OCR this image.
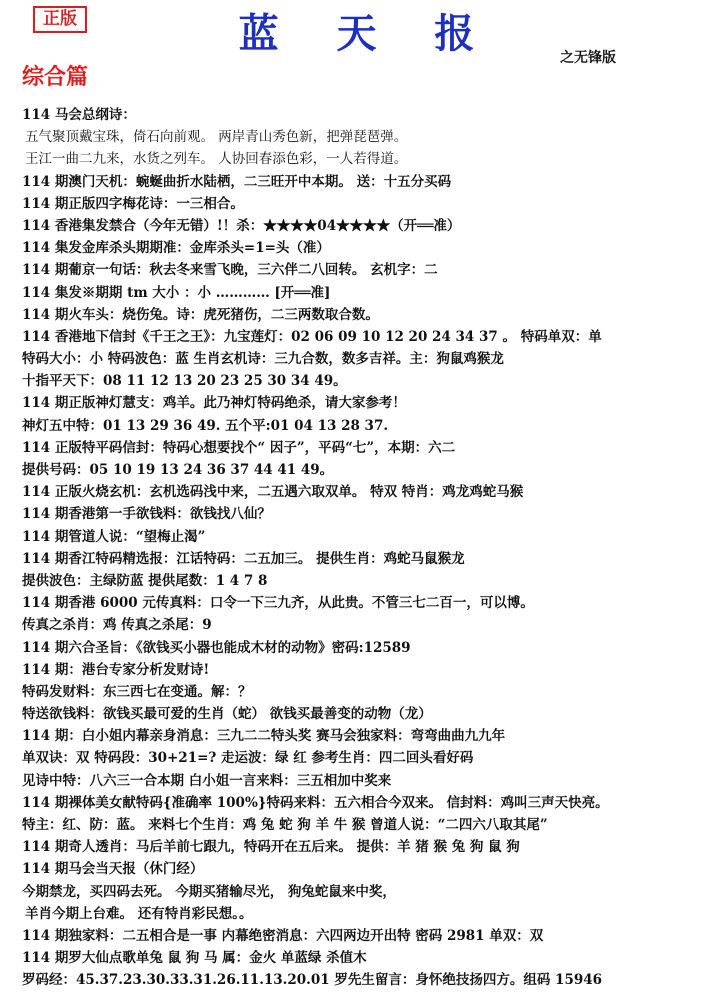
正版	蓝 天 报
之无锋版
综合篇
114 马会总纲诗：
五气聚顶戴宝珠，倚石向前观。 两岸青山秀色新，把弹琵琶弹。
王江一曲二九来，水货之列车。 人协回春添色彩，一人若得道。
114 期澳门天机：蜿蜒曲折水陆栖，二三旺开中本期。 送：十五分买码
114 期正版四字梅花诗：一三相合。
114 香港集发禁合（今年无错）!！杀：★★★★04★★★★（开══准）
114 集发金库杀头期期准：金库杀头=1=头（准）
114 期葡京一句话：秋去冬来雪飞晚，三六伴二八回转。 玄机字：二
114 集发※期期 tm 大小 ：小 ………… [开══准]
114 期火车头：烧伤兔。诗：虎死猪伤，二三两数取合数。
114 香港地下信封《千王之王》：九宝莲灯：02 06 09 10 12 20 24 34 37 。 特码单双：单
特码大小：小 特码波色：蓝 生肖玄机诗：三九合数，数多吉祥。主：狗鼠鸡猴龙
十指平天下：08 11 12 13 20 23 25 30 34 49。
114 期正版神灯慧支：鸡羊。此乃神灯特码绝杀，请大家参考！
神灯五中特：01 13 29 36 49. 五个平:01 04 13 28 37.
114 正版特平码信封：特码心想要找个“ 因子”，平码“七”，本期：六二
提供号码：05 10 19 13 24 36 37 44 41 49。
114 正版火烧玄机：玄机选码浅中来，二五遇六取双单。 特双 特肖：鸡龙鸡蛇马猴
114 期香港第一手欲钱料：欲钱找八仙？
114 期管道人说：“望梅止渴”
114 期香江特码精选报：江话特码：二五加三。 提供生肖：鸡蛇马鼠猴龙
提供波色：主绿防蓝 提供尾数：1 4 7 8
114 期香港 6000 元传真料：口令一下三九齐，从此贵。不管三七二百一，可以博。
传真之杀肖：鸡 传真之杀尾：9
114 期六合圣旨：《欲钱买小器也能成木材的动物》密码:12589
114 期：港台专家分析发财诗!
特码发财料：东三西七在变通。解：？
特送欲钱料：欲钱买最可爱的生肖（蛇） 欲钱买最善变的动物（龙）
114 期：白小姐内幕亲身消息：三九二二特头奖 赛马会独家料：弯弯曲曲九九年
单双诀：双 特码段：30+21=? 走运波：绿 红 参考生肖：四二回头看好码
见诗中特：八六三一合本期 白小姐一言来料：三五相加中奖来
114 期裸体美女献特码{准确率 100%}特码来料：五六相合今双来。 信封料：鸡叫三声天快亮。
特主：红、防：蓝。 来料七个生肖：鸡 兔 蛇 狗 羊 牛 猴 曾道人说：“二四六八取其尾”
114 期奇人透肖：马后羊前七跟九，特码开在五后来。 提供：羊 猪 猴 兔 狗 鼠 狗
114 期马会当天报（休门经）
今期禁龙，买四码去死。 今期买猪输尽光， 狗兔蛇鼠来中奖，
羊肖今期上台难。 还有特肖彩民想。。
114 期独家料：二五相合是一事 内幕绝密消息：六四两边开出特 密码 2981 单双：双
114 期罗大仙点歌单兔 鼠 狗 马 属：金火 单蓝绿 杀值木
罗码经：45.37.23.30.33.31.26.11.13.20.01 罗先生留言：身怀绝技扬四方。组码 15946
